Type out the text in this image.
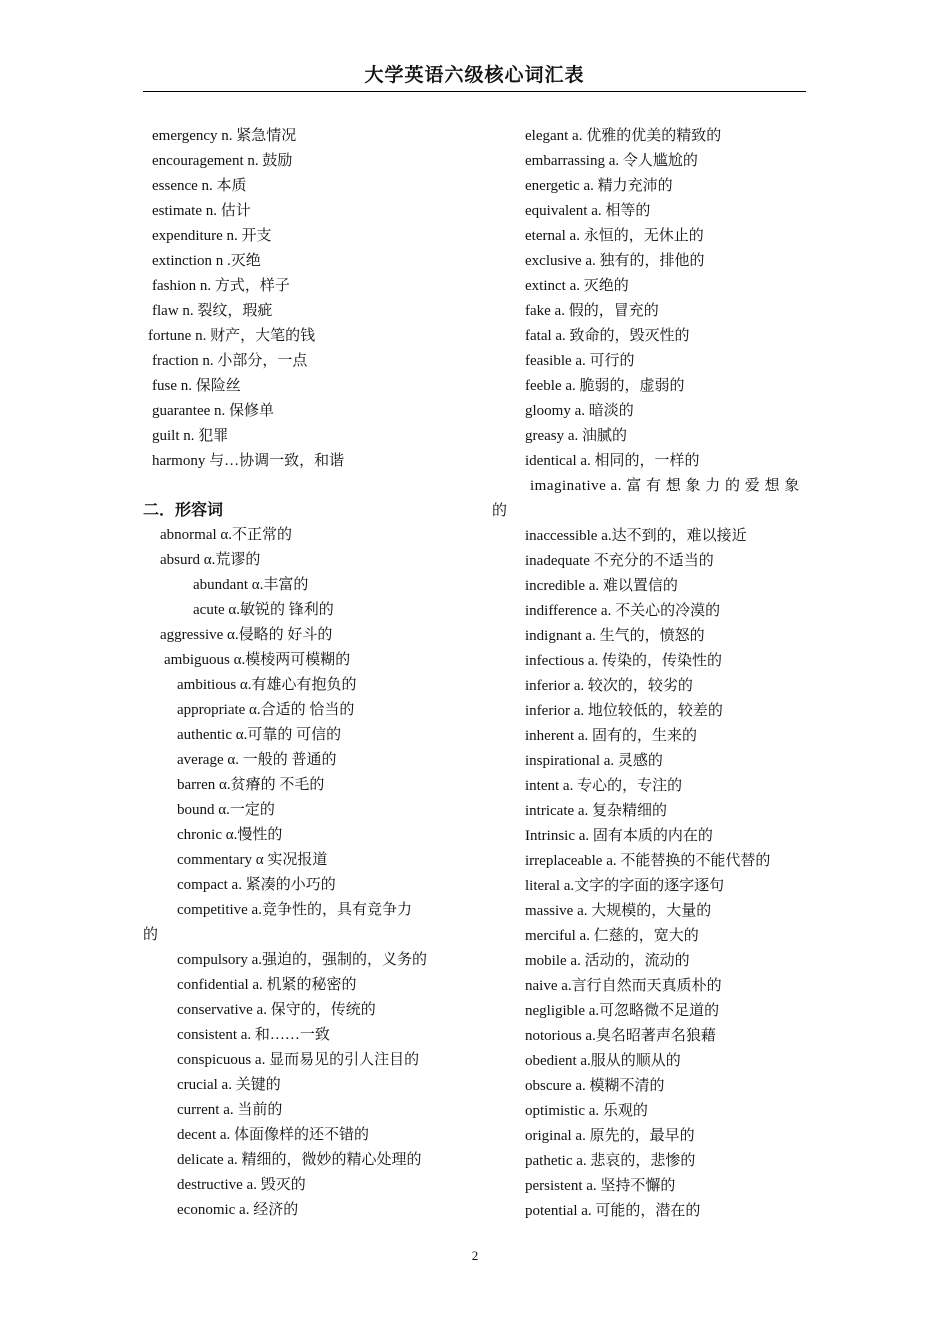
大学英语六级核心词汇表
emergency n. 紧急情况
encouragement n. 鼓励
essence n. 本质
estimate n. 估计
expenditure n. 开支
extinction n .灭绝
fashion n. 方式，样子
flaw n. 裂纹，瑕疵
fortune n. 财产，大笔的钱
fraction n. 小部分，一点
fuse n. 保险丝
guarantee n. 保修单
guilt n. 犯罪
harmony 与…协调一致，和谐
二．形容词
abnormal α.不正常的
absurd α.荒谬的
abundant α.丰富的
acute α.敏锐的 锋利的
aggressive α.侵略的 好斗的
ambiguous α.模棱两可模糊的
ambitious α.有雄心有抱负的
appropriate α.合适的 恰当的
authentic α.可靠的 可信的
average α. 一般的 普通的
barren α.贫瘠的 不毛的
bound α.一定的
chronic α.慢性的
commentary α 实况报道
compact a. 紧凑的小巧的
competitive a.竞争性的，具有竞争力
的
compulsory a.强迫的，强制的，义务的
confidential a. 机紧的秘密的
conservative a. 保守的，传统的
consistent a. 和……一致
conspicuous a. 显而易见的引人注目的
crucial a. 关键的
current a. 当前的
decent a. 体面像样的还不错的
delicate a. 精细的，微妙的精心处理的
destructive a. 毁灭的
economic a. 经济的
elegant a. 优雅的优美的精致的
embarrassing a. 令人尴尬的
energetic a. 精力充沛的
equivalent a. 相等的
eternal a. 永恒的，无休止的
exclusive a. 独有的，排他的
extinct a. 灭绝的
fake a. 假的，冒充的
fatal a. 致命的，毁灭性的
feasible a. 可行的
feeble a. 脆弱的，虚弱的
gloomy a. 暗淡的
greasy a. 油腻的
identical a. 相同的，一样的
imaginative a. 富 有 想 象 力 的 爱 想 象
的
inaccessible a.达不到的，难以接近
inadequate 不充分的不适当的
incredible a. 难以置信的
indifference a. 不关心的冷漠的
indignant a. 生气的，愤怒的
infectious a. 传染的，传染性的
inferior a. 较次的，较劣的
inferior a. 地位较低的，较差的
inherent a. 固有的，生来的
inspirational a. 灵感的
intent a. 专心的，专注的
intricate a. 复杂精细的
Intrinsic a. 固有本质的内在的
irreplaceable a. 不能替换的不能代替的
literal a.文字的字面的逐字逐句
massive a. 大规模的，大量的
merciful a. 仁慈的，宽大的
mobile a. 活动的，流动的
naive a.言行自然而天真质朴的
negligible a.可忽略微不足道的
notorious a.臭名昭著声名狼藉
obedient a.服从的顺从的
obscure a. 模糊不清的
optimistic a. 乐观的
original a. 原先的，最早的
pathetic a. 悲哀的，悲惨的
persistent a. 坚持不懈的
potential a. 可能的，潜在的
2
